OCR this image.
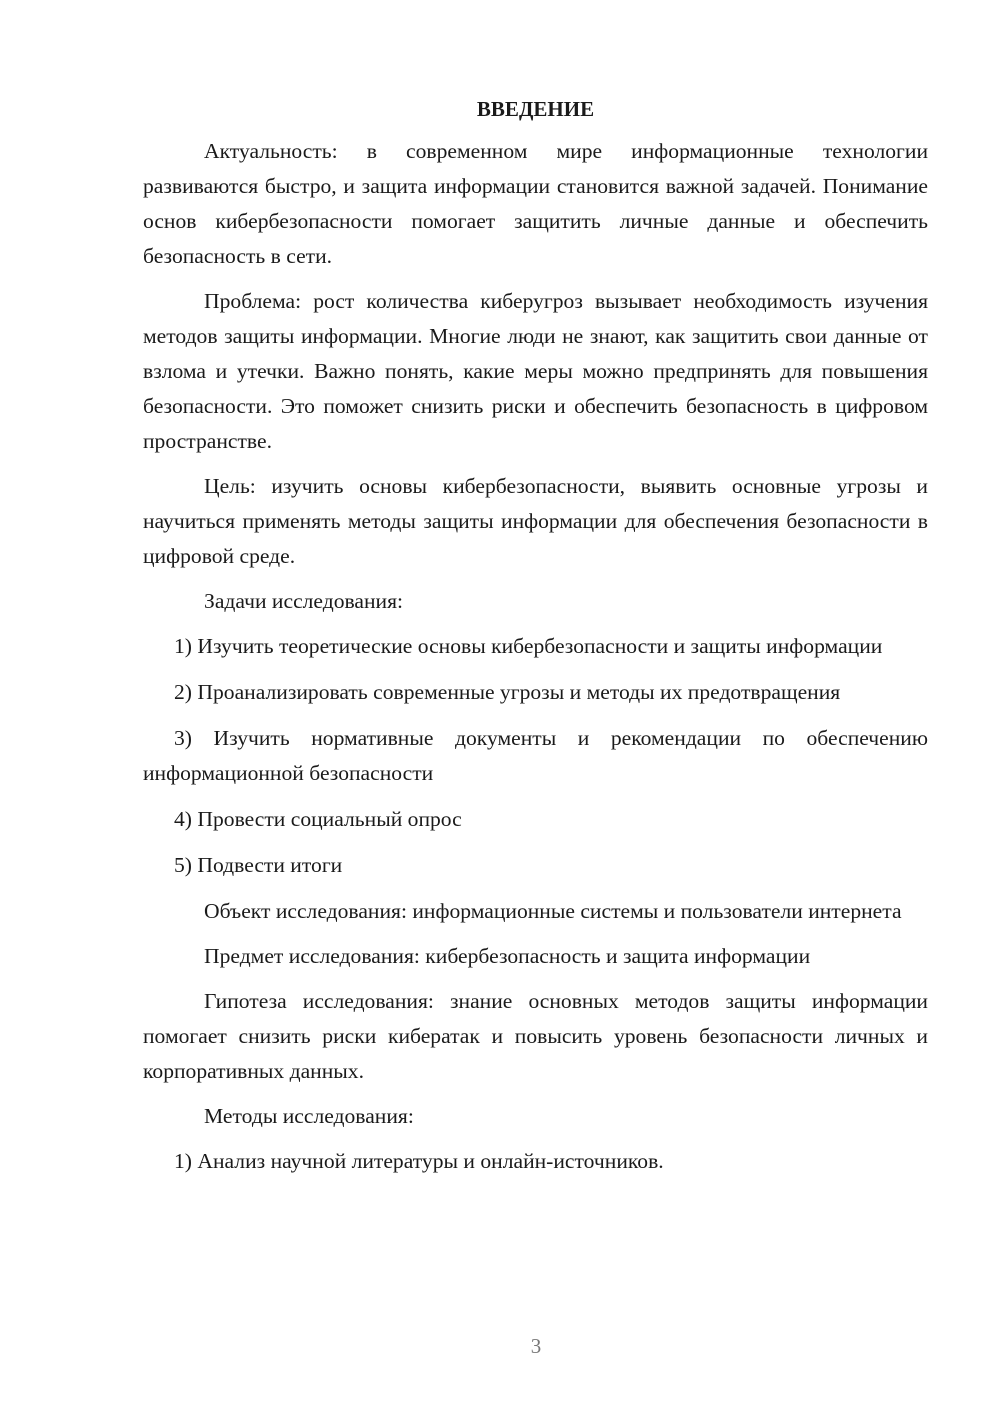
ВВЕДЕНИЕ
Актуальность: в современном мире информационные технологии развиваются быстро, и защита информации становится важной задачей. Понимание основ кибербезопасности помогает защитить личные данные и обеспечить безопасность в сети.
Проблема: рост количества киберугроз вызывает необходимость изучения методов защиты информации. Многие люди не знают, как защитить свои данные от взлома и утечки. Важно понять, какие меры можно предпринять для повышения безопасности. Это поможет снизить риски и обеспечить безопасность в цифровом пространстве.
Цель: изучить основы кибербезопасности, выявить основные угрозы и научиться применять методы защиты информации для обеспечения безопасности в цифровой среде.
Задачи исследования:
1) Изучить теоретические основы кибербезопасности и защиты информации
2) Проанализировать современные угрозы и методы их предотвращения
3) Изучить нормативные документы и рекомендации по обеспечению информационной безопасности
4) Провести социальный опрос
5) Подвести итоги
Объект исследования: информационные системы и пользователи интернета
Предмет исследования: кибербезопасность и защита информации
Гипотеза исследования: знание основных методов защиты информации помогает снизить риски кибератак и повысить уровень безопасности личных и корпоративных данных.
Методы исследования:
1) Анализ научной литературы и онлайн-источников.
3
